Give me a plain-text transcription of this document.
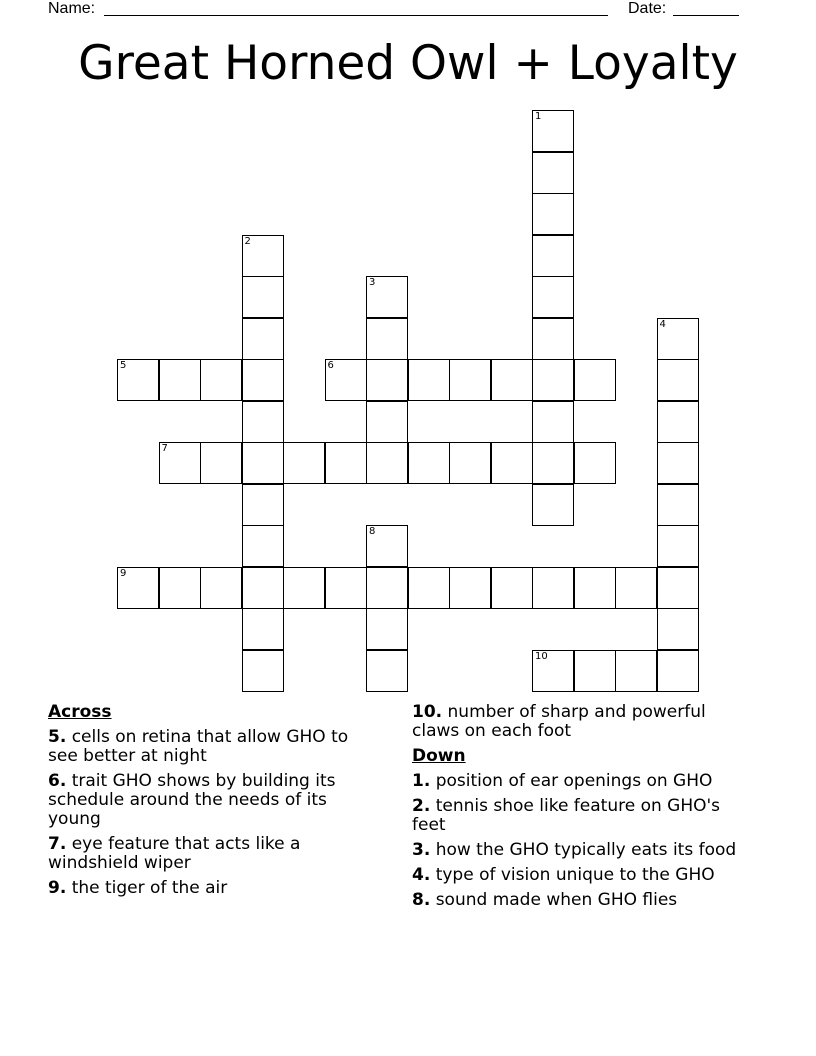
Name:	Date:
Great Horned Owl + Loyalty
1
2
3
4
5	6
7
8
9
10
Across
5. cells on retina that allow GHO to see better at night
6. trait GHO shows by building its schedule around the needs of its young
7. eye feature that acts like a windshield wiper
9. the tiger of the air
10. number of sharp and powerful claws on each foot
Down
1. position of ear openings on GHO
2. tennis shoe like feature on GHO's feet
3. how the GHO typically eats its food
4. type of vision unique to the GHO
8. sound made when GHO flies
